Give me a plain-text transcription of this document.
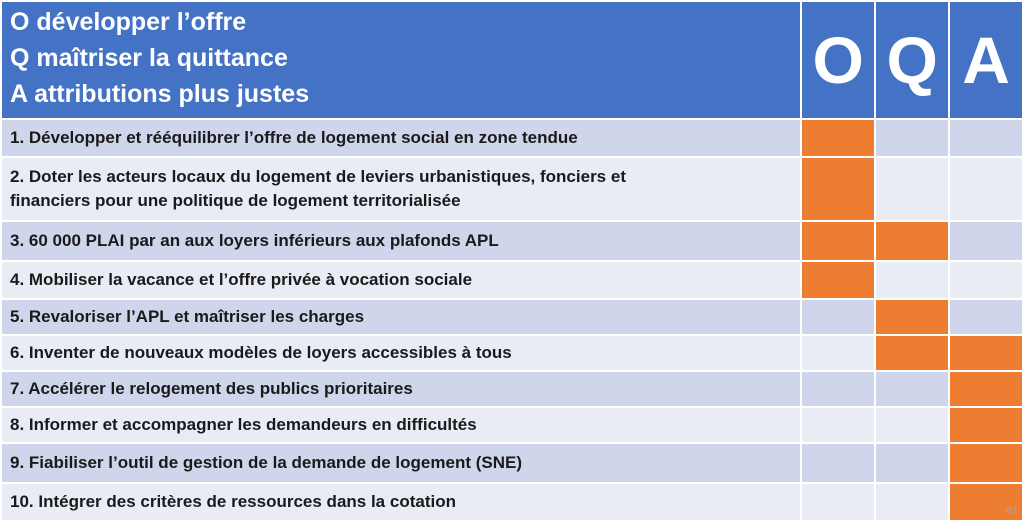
O développer l’offre
Q maîtriser la quittance
A attributions plus justes	O	Q	A
1. Développer et rééquilibrer l’offre de logement social en zone tendue			

2. Doter les acteurs locaux du logement de leviers urbanistiques, fonciers et
financiers pour une politique de logement territorialisée			

3. 60 000 PLAI par an aux loyers inférieurs aux plafonds APL			
4. Mobiliser la vacance et l’offre privée à vocation sociale			
5. Revaloriser l’APL et maîtriser les charges			
6. Inventer de nouveaux modèles de loyers accessibles à tous			
7. Accélérer le relogement des publics prioritaires			
8. Informer et accompagner les demandeurs en difficultés			
9. Fiabiliser l’outil de gestion de la demande de logement (SNE)			
10. Intégrer des critères de ressources dans la cotation				41
